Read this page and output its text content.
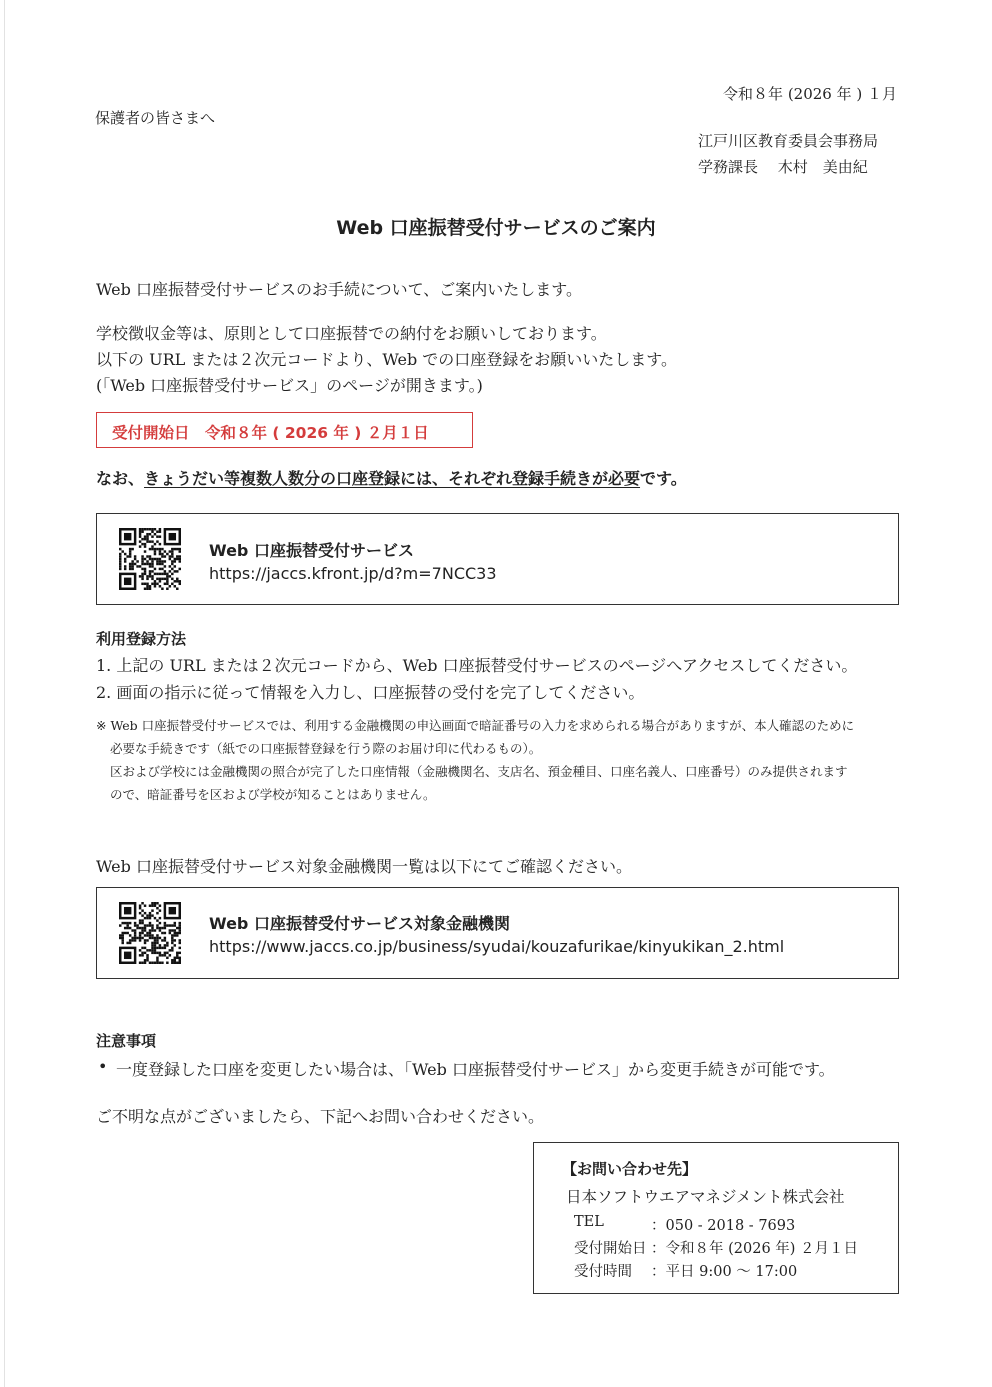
令和８年 (2026 年 ) １月
保護者の皆さまへ
江戸川区教育委員会事務局
学務課長　 木村　美由紀
Web 口座振替受付サービスのご案内
Web 口座振替受付サービスのお手続について、ご案内いたします。
学校徴収金等は、原則として口座振替での納付をお願いしております。
以下の URL または２次元コードより、Web での口座登録をお願いいたします。
(「Web 口座振替受付サービス」のページが開きます。)
受付開始日　令和８年 ( 2026 年 ) ２月１日
なお、きょうだい等複数人数分の口座登録には、それぞれ登録手続きが必要です。
Web 口座振替受付サービス
https://jaccs.kfront.jp/d?m=7NCC33
利用登録方法
1. 上記の URL または２次元コードから、Web 口座振替受付サービスのページへアクセスしてください。
2. 画面の指示に従って情報を入力し、口座振替の受付を完了してください。
※ Web 口座振替受付サービスでは、利用する金融機関の申込画面で暗証番号の入力を求められる場合がありますが、本人確認のために
必要な手続きです（紙での口座振替登録を行う際のお届け印に代わるもの）。
区および学校には金融機関の照合が完了した口座情報（金融機関名、支店名、預金種目、口座名義人、口座番号）のみ提供されます
ので、暗証番号を区および学校が知ることはありません。
Web 口座振替受付サービス対象金融機関一覧は以下にてご確認ください。
Web 口座振替受付サービス対象金融機関
https://www.jaccs.co.jp/business/syudai/kouzafurikae/kinyukikan_2.html
注意事項
• 一度登録した口座を変更したい場合は、「Web 口座振替受付サービス」から変更手続きが可能です。
ご不明な点がございましたら、下記へお問い合わせください。
【お問い合わせ先】
日本ソフトウエアマネジメント株式会社
TEL	：050 - 2018 - 7693
受付開始日 ：令和８年 (2026 年) ２月１日
受付時間 ：平日 9:00 ～ 17:00
